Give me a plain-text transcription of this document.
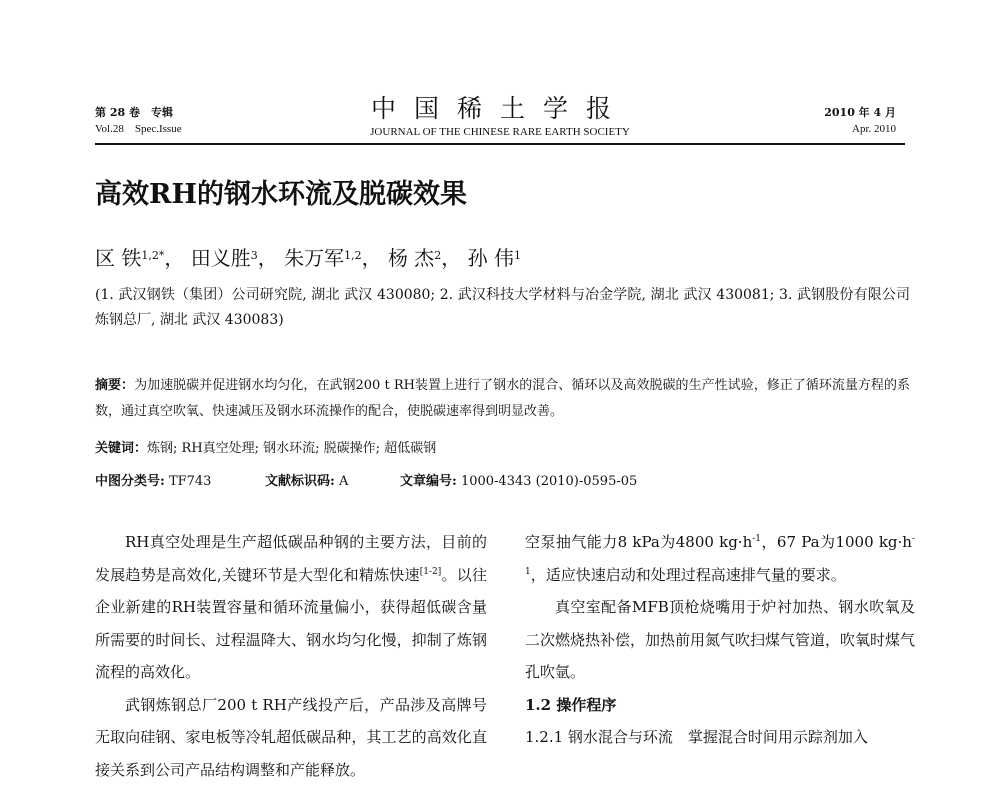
第 28 卷　专辑
Vol.28　Spec.Issue
中国稀土学报
JOURNAL OF THE CHINESE RARE EARTH SOCIETY
2010 年 4 月
Apr. 2010
高效RH的钢水环流及脱碳效果
区 铁$^{1,2*}$， 田义胜$^3$， 朱万军$^{1,2}$， 杨 杰$^2$， 孙 伟$^1$
(1. 武汉钢铁（集团）公司研究院, 湖北 武汉 430080; 2. 武汉科技大学材料与冶金学院, 湖北 武汉 430081; 3. 武钢股份有限公司炼钢总厂, 湖北 武汉 430083)
摘要：为加速脱碳并促进钢水均匀化，在武钢200 t RH装置上进行了钢水的混合、循环以及高效脱碳的生产性试验，修正了循环流量方程的系数，通过真空吹氧、快速减压及钢水环流操作的配合，使脱碳速率得到明显改善。
关键词：炼钢; RH真空处理; 钢水环流; 脱碳操作; 超低碳钢
中图分类号: TF743	文献标识码: A	文章编号: 1000-4343 (2010)-0595-05

RH真空处理是生产超低碳品种钢的主要方法，目前的发展趋势是高效化,关键环节是大型化和精炼快速[1-2]。以往企业新建的RH装置容量和循环流量偏小，获得超低碳含量所需要的时间长、过程温降大、钢水均匀化慢，抑制了炼钢流程的高效化。

武钢炼钢总厂200 t RH产线投产后，产品涉及高牌号无取向硅钢、家电板等冷轧超低碳品种，其工艺的高效化直接关系到公司产品结构调整和产能释放。

空泵抽气能力8 kPa为4800 $kg\cdot h^{-1}$，67 Pa为1000 $kg\cdot h^{-1}$，适应快速启动和处理过程高速排气量的要求。

真空室配备MFB顶枪烧嘴用于炉衬加热、钢水吹氧及二次燃烧热补偿，加热前用氮气吹扫煤气管道，吹氧时煤气孔吹氩。

1.2 操作程序

1.2.1 钢水混合与环流　掌握混合时间用示踪剂加入
